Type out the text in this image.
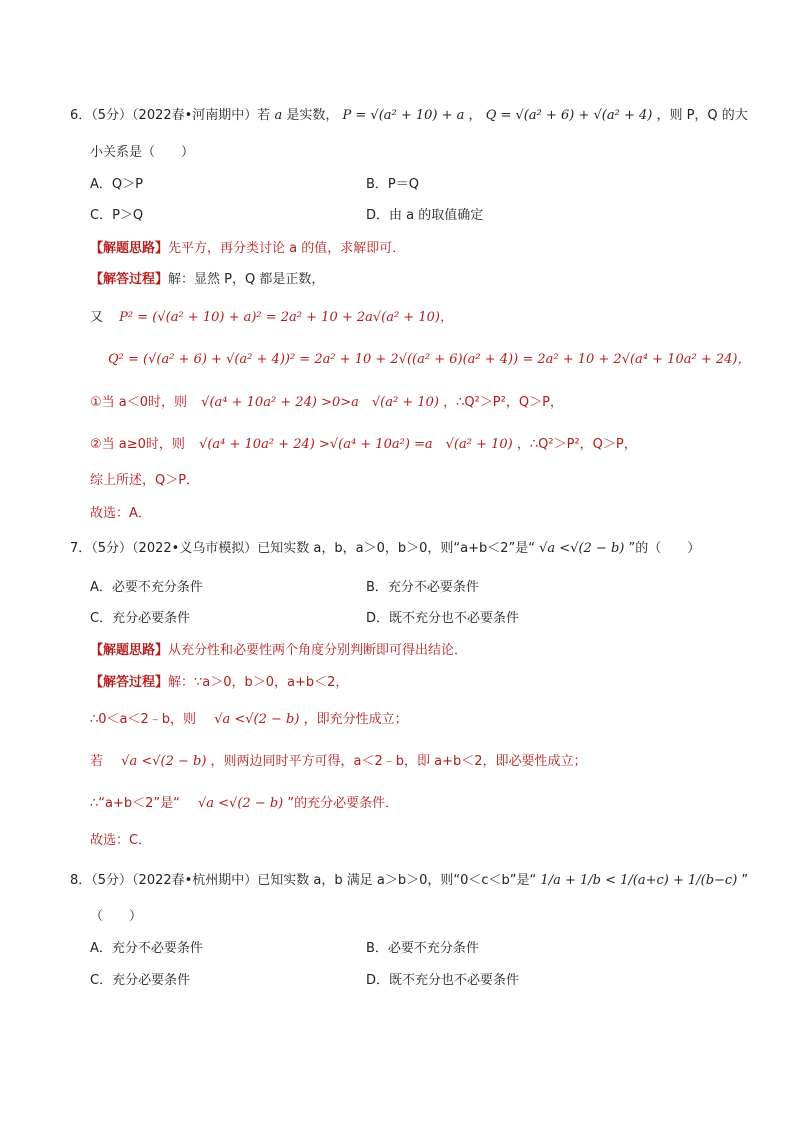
6．（5分）（2022春•河南期中）若 a 是实数， P = √(a² + 10) + a ， Q = √(a² + 6) + √(a² + 4) ，则 P，Q 的大
小关系是（　　）
A．Q＞P	B．P＝Q
C．P＞Q	D．由 a 的取值确定
【解题思路】先平方，再分类讨论 a 的值，求解即可．
【解答过程】解：显然 P，Q 都是正数，
又 P² = (√(a² + 10) + a)² = 2a² + 10 + 2a√(a² + 10)，
Q² = (√(a² + 6) + √(a² + 4))² = 2a² + 10 + 2√((a² + 6)(a² + 4)) = 2a² + 10 + 2√(a⁴ + 10a² + 24)，
①当 a＜0时，则 √(a⁴ + 10a² + 24) >0>a　√(a² + 10) ，∴Q²＞P²，Q＞P，
②当 a≥0时，则 √(a⁴ + 10a² + 24) >√(a⁴ + 10a²) =a　√(a² + 10) ，∴Q²＞P²，Q＞P，
综上所述，Q＞P．
故选：A．
7．（5分）（2022•义乌市模拟）已知实数 a，b，a＞0，b＞0，则“a+b＜2”是“ √a <√(2 − b) ”的（　　）
A．必要不充分条件	B．充分不必要条件
C．充分必要条件	D．既不充分也不必要条件
【解题思路】从充分性和必要性两个角度分别判断即可得出结论．
【解答过程】解：∵a＞0，b＞0，a+b＜2，
∴0＜a＜2﹣b，则 √a <√(2 − b) ，即充分性成立；
若 √a <√(2 − b) ，则两边同时平方可得，a＜2﹣b，即 a+b＜2，即必要性成立；
∴“a+b＜2”是“ √a <√(2 − b) ”的充分必要条件．
故选：C．
8．（5分）（2022春•杭州期中）已知实数 a，b 满足 a＞b＞0，则“0＜c＜b”是“ 1/a + 1/b < 1/(a+c) + 1/(b−c) ”
（　　）
A．充分不必要条件	B．必要不充分条件
C．充分必要条件	D．既不充分也不必要条件
